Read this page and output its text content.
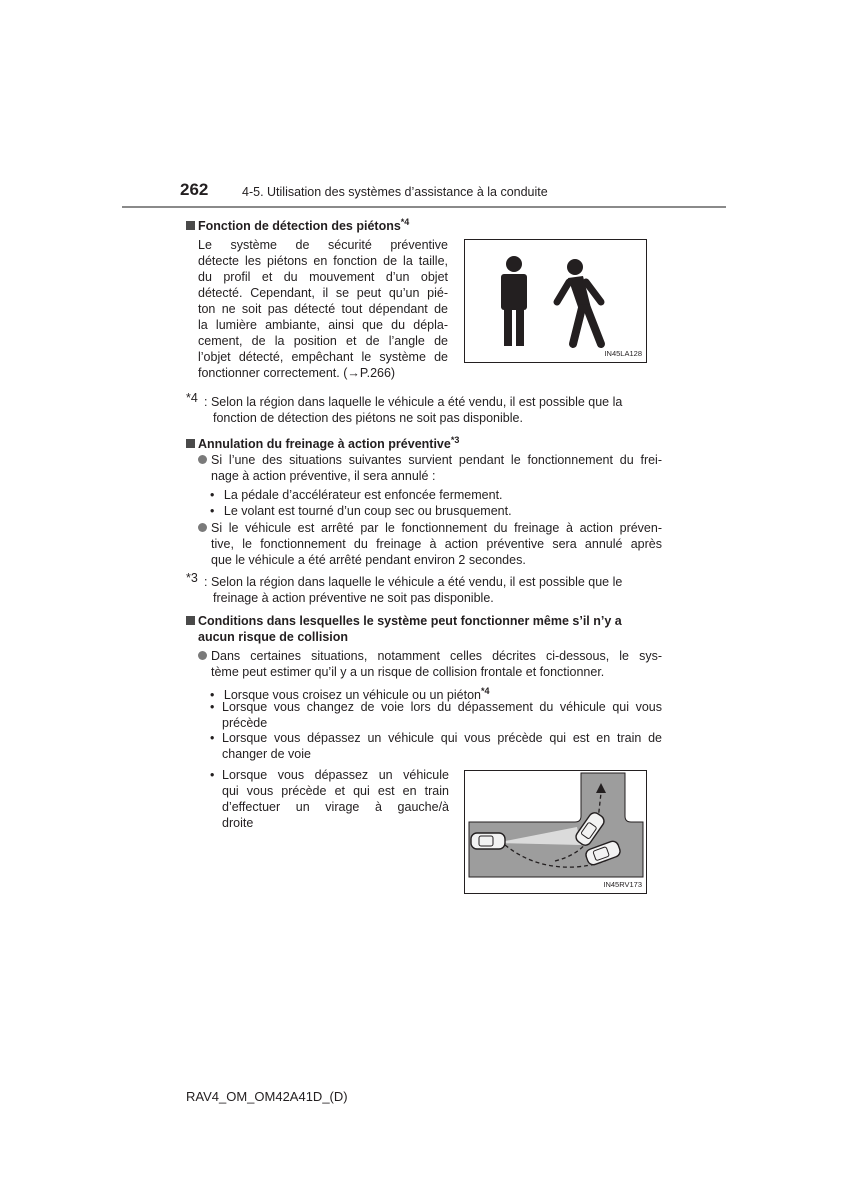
262	4-5. Utilisation des systèmes d’assistance à la conduite
Fonction de détection des piétons$^{*4}$
Le système de sécurité préventive
détecte les piétons en fonction de la taille,
du profil et du mouvement d’un objet
détecté. Cependant, il se peut qu’un pié-
ton ne soit pas détecté tout dépendant de
la lumière ambiante, ainsi que du dépla-
cement, de la position et de l’angle de
l’objet détecté, empêchant le système de
fonctionner correctement. (→P.266)
IN45LA128
*4 : Selon la région dans laquelle le véhicule a été vendu, il est possible que la
fonction de détection des piétons ne soit pas disponible.
Annulation du freinage à action préventive$^{*3}$
Si l’une des situations suivantes survient pendant le fonctionnement du frei-
nage à action préventive, il sera annulé :
• La pédale d’accélérateur est enfoncée fermement.
• Le volant est tourné d’un coup sec ou brusquement.
Si le véhicule est arrêté par le fonctionnement du freinage à action préven-
tive, le fonctionnement du freinage à action préventive sera annulé après
que le véhicule a été arrêté pendant environ 2 secondes.
*3 : Selon la région dans laquelle le véhicule a été vendu, il est possible que le
freinage à action préventive ne soit pas disponible.
Conditions dans lesquelles le système peut fonctionner même s’il n’y a
aucun risque de collision
Dans certaines situations, notamment celles décrites ci-dessous, le sys-
tème peut estimer qu’il y a un risque de collision frontale et fonctionner.
• Lorsque vous croisez un véhicule ou un piéton$^{*4}$
• Lorsque vous changez de voie lors du dépassement du véhicule qui vous
précède
• Lorsque vous dépassez un véhicule qui vous précède qui est en train de
changer de voie
• Lorsque vous dépassez un véhicule
qui vous précède et qui est en train
d’effectuer un virage à gauche/à
droite
IN45RV173
RAV4_OM_OM42A41D_(D)
